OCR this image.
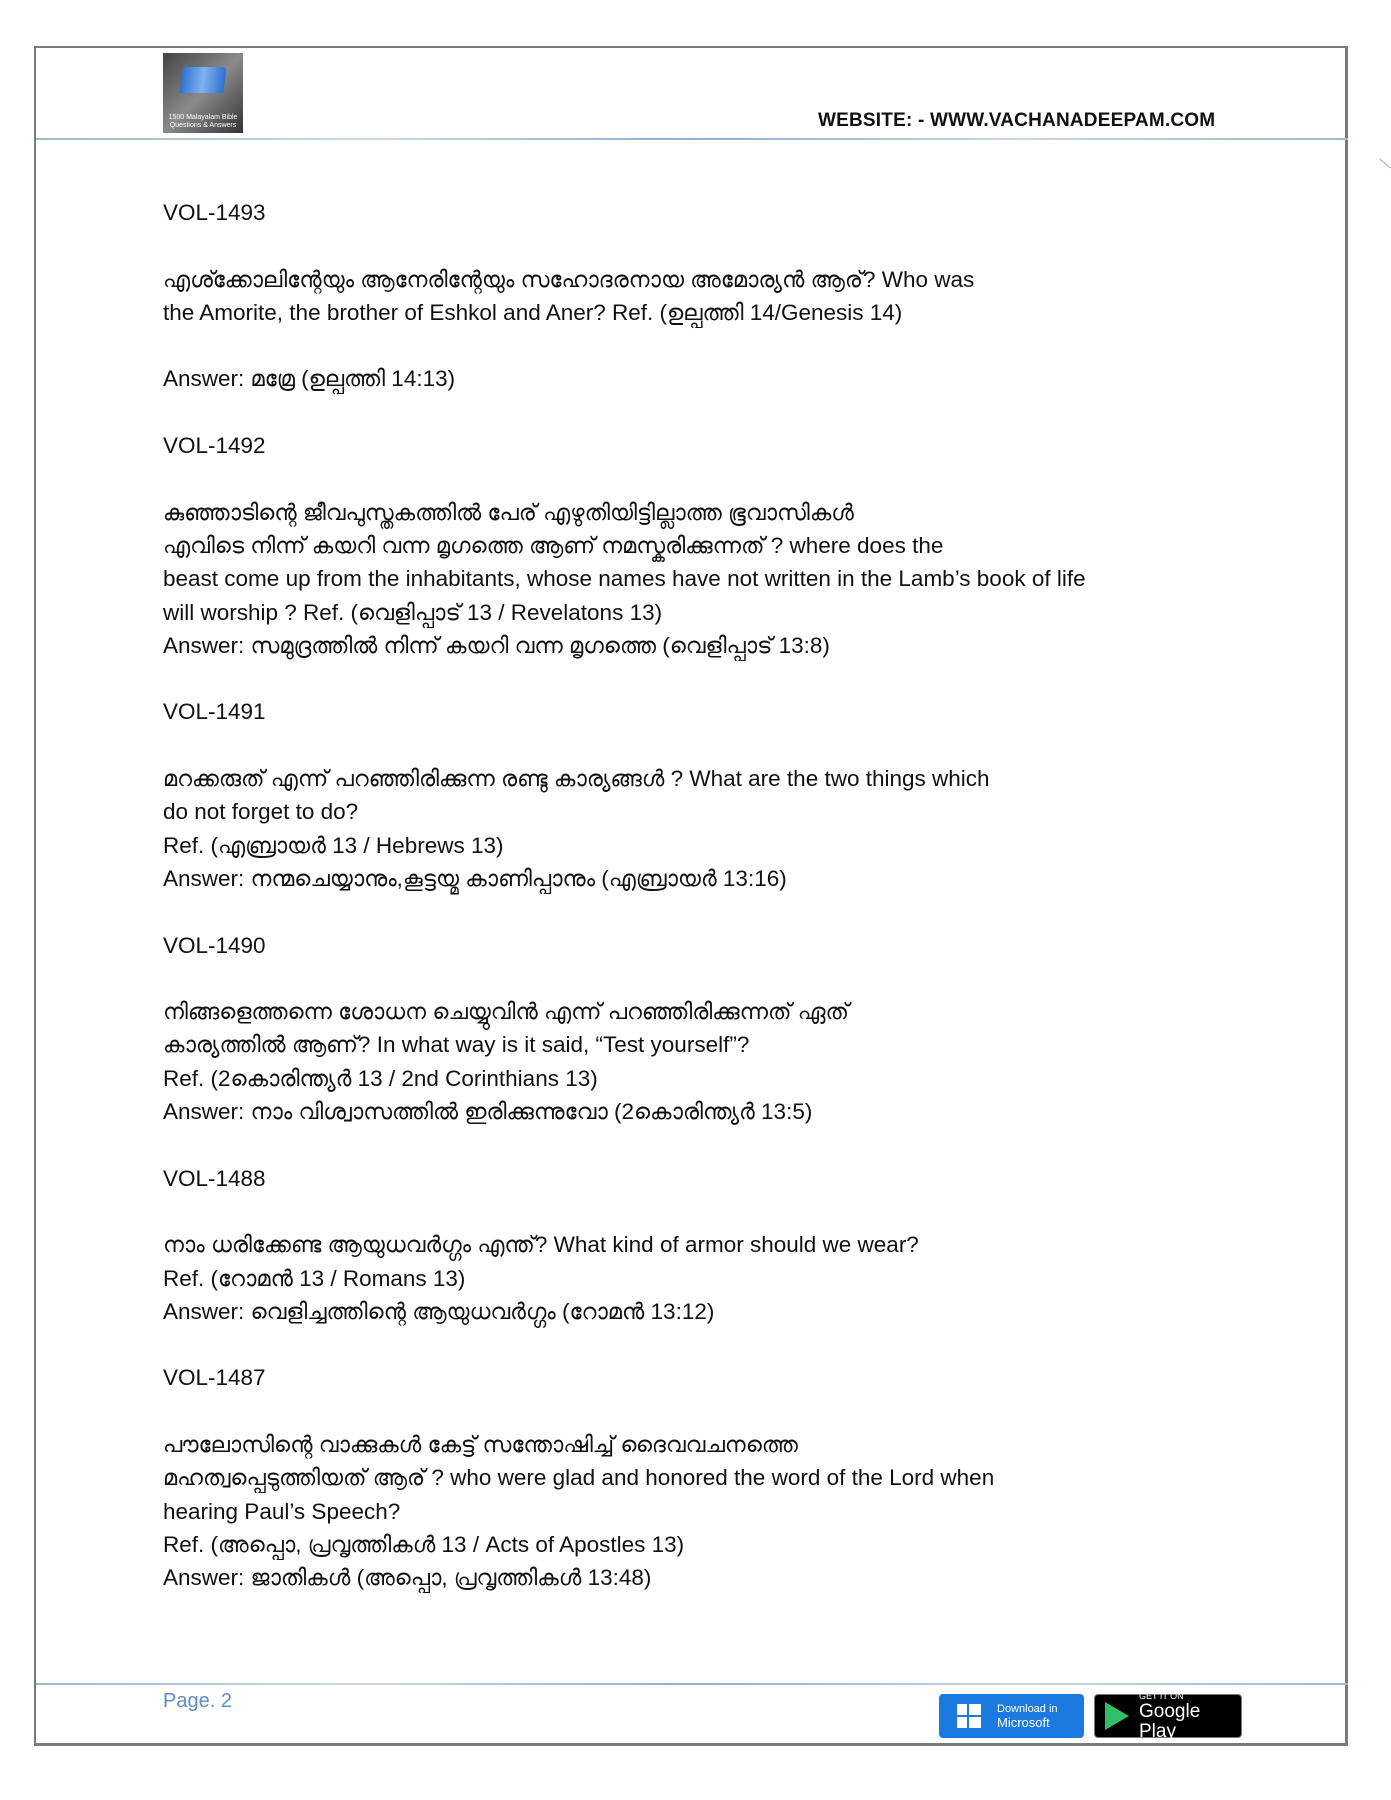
1500 Malayalam Bible Questions & Answers	WEBSITE: - WWW.VACHANADEEPAM.COM

VOL-1493

എശ്ക്കോലിന്റേയും ആനേരിന്റേയും സഹോദരനായ അമോര്യൻ ആര്? Who was

the Amorite, the brother of Eshkol and Aner? Ref. (ഉല്പത്തി 14/Genesis 14)

Answer: മമ്രേ (ഉല്പത്തി 14:13)

VOL-1492

കുഞ്ഞാടിന്റെ ജീവപുസ്തകത്തിൽ പേര് എഴുതിയിട്ടില്ലാത്ത ഭൂവാസികൾ

എവിടെ നിന്ന് കയറി വന്ന മൃഗത്തെ ആണ് നമസ്കരിക്കുന്നത് ? where does the

beast come up from the inhabitants, whose names have not written in the Lamb’s book of life

will worship ? Ref. (വെളിപ്പാട് 13 / Revelatons 13)

Answer: സമുദ്രത്തിൽ നിന്ന് കയറി വന്ന മൃഗത്തെ (വെളിപ്പാട് 13:8)

VOL-1491

മറക്കരുത് എന്ന് പറഞ്ഞിരിക്കുന്ന രണ്ടു കാര്യങ്ങൾ ? What are the two things which

do not forget to do?

Ref. (എബ്രായർ 13 / Hebrews 13)

Answer: നന്മചെയ്യാനും,കൂട്ടയ്മ കാണിപ്പാനും (എബ്രായർ 13:16)

VOL-1490

നിങ്ങളെത്തന്നെ ശോധന ചെയ്യുവിൻ എന്ന് പറഞ്ഞിരിക്കുന്നത് ഏത്

കാര്യത്തിൽ ആണ്? In what way is it said, “Test yourself”?

Ref. (2കൊരിന്ത്യർ 13 / 2nd Corinthians 13)

Answer: നാം വിശ്വാസത്തിൽ ഇരിക്കുന്നുവോ (2കൊരിന്ത്യർ 13:5)

VOL-1488

നാം ധരിക്കേണ്ട ആയുധവർഗ്ഗം എന്ത്? What kind of armor should we wear?

Ref. (റോമൻ 13 / Romans 13)

Answer: വെളിച്ചത്തിന്റെ ആയുധവർഗ്ഗം (റോമൻ 13:12)

VOL-1487

പൗലോസിന്റെ വാക്കുകൾ കേട്ട് സന്തോഷിച്ച് ദൈവവചനത്തെ

മഹത്വപ്പെടുത്തിയത് ആര് ? who were glad and honored the word of the Lord when

hearing Paul’s Speech?

Ref. (അപ്പൊ, പ്രവൃത്തികൾ 13 / Acts of Apostles 13)

Answer: ജാതികൾ (അപ്പൊ, പ്രവൃത്തികൾ 13:48)

Page. 2	Download in
Microsoft
GET IT ON
Google Play
